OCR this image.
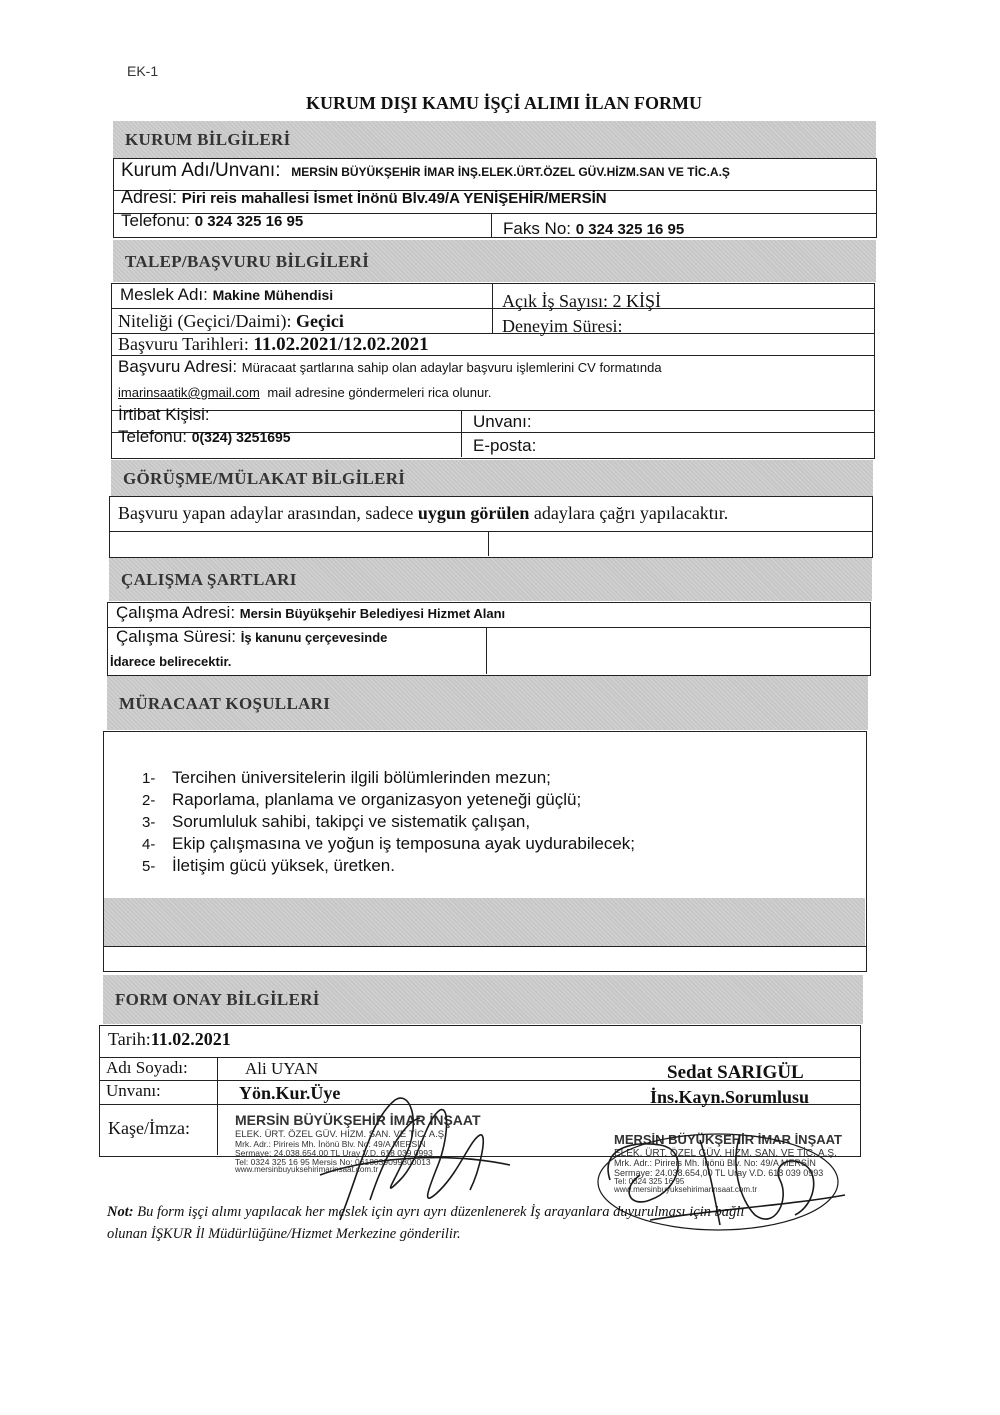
EK-1
KURUM DIŞI KAMU İŞÇİ ALIMI İLAN FORMU
KURUM BİLGİLERİ
Kurum Adı/Unvanı: MERSİN BÜYÜKŞEHİR İMAR İNŞ.ELEK.ÜRT.ÖZEL GÜV.HİZM.SAN VE TİC.A.Ş
Adresi: Piri reis mahallesi İsmet İnönü Blv.49/A YENİŞEHİR/MERSİN
Telefonu: 0 324 325 16 95	Faks No: 0 324 325 16 95
TALEP/BAŞVURU BİLGİLERİ
Meslek Adı: Makine Mühendisi	Açık İş Sayısı: 2 KİŞİ
Niteliği (Geçici/Daimi): Geçici	Deneyim Süresi:
Başvuru Tarihleri: 11.02.2021/12.02.2021
Başvuru Adresi: Müracaat şartlarına sahip olan adaylar başvuru işlemlerini CV formatında
imarinsaatik@gmail.com mail adresine göndermeleri rica olunur.
İrtibat Kişisi:	Unvanı:
Telefonu: 0(324) 3251695	E-posta:
GÖRÜŞME/MÜLAKAT BİLGİLERİ
Başvuru yapan adaylar arasından, sadece uygun görülen adaylara çağrı yapılacaktır.
ÇALIŞMA ŞARTLARI
Çalışma Adresi: Mersin Büyükşehir Belediyesi Hizmet Alanı
Çalışma Süresi: İş kanunu çerçevesinde
İdarece belirecektir.
MÜRACAAT KOŞULLARI
1- Tercihen üniversitelerin ilgili bölümlerinden mezun;
2- Raporlama, planlama ve organizasyon yeteneği güçlü;
3- Sorumluluk sahibi, takipçi ve sistematik çalışan,
4- Ekip çalışmasına ve yoğun iş temposuna ayak uydurabilecek;
5- İletişim gücü yüksek, üretken.
FORM ONAY BİLGİLERİ
Tarih:11.02.2021
Adı Soyadı:	Ali UYAN	Sedat SARIGÜL
Unvanı:	Yön.Kur.Üye	İns.Kayn.Sorumlusu
Kaşe/İmza:	MERSİN BÜYÜKŞEHİR İMAR İNŞAAT
ELEK. ÜRT. ÖZEL GÜV. HİZM. SAN. VE TİC. A.Ş.
Mrk. Adr.: Pirireis Mh. İnönü Blv. No: 49/A MERSİN
Sermaye: 24.038.654,00 TL Uray V.D. 618 039 0993
Tel: 0324 325 16 95 Mersis No: 0618039099300013
www.mersinbuyuksehirimarinsaat.com.tr
MERSİN BÜYÜKŞEHİR İMAR İNŞAAT
ELEK. ÜRT. ÖZEL GÜV. HİZM. SAN. VE TİC. A.Ş.
Mrk. Adr.: Pirireis Mh. İnönü Blv. No: 49/A MERSİN
Sermaye: 24.038.654,00 TL Uray V.D. 618 039 0993
Tel: 0324 325 16 95
www.mersinbuyuksehirimarinsaat.com.tr
Not: Bu form işçi alımı yapılacak her meslek için ayrı ayrı düzenlenerek İş arayanlara duyurulması için bağlı
olunan İŞKUR İl Müdürlüğüne/Hizmet Merkezine gönderilir.
